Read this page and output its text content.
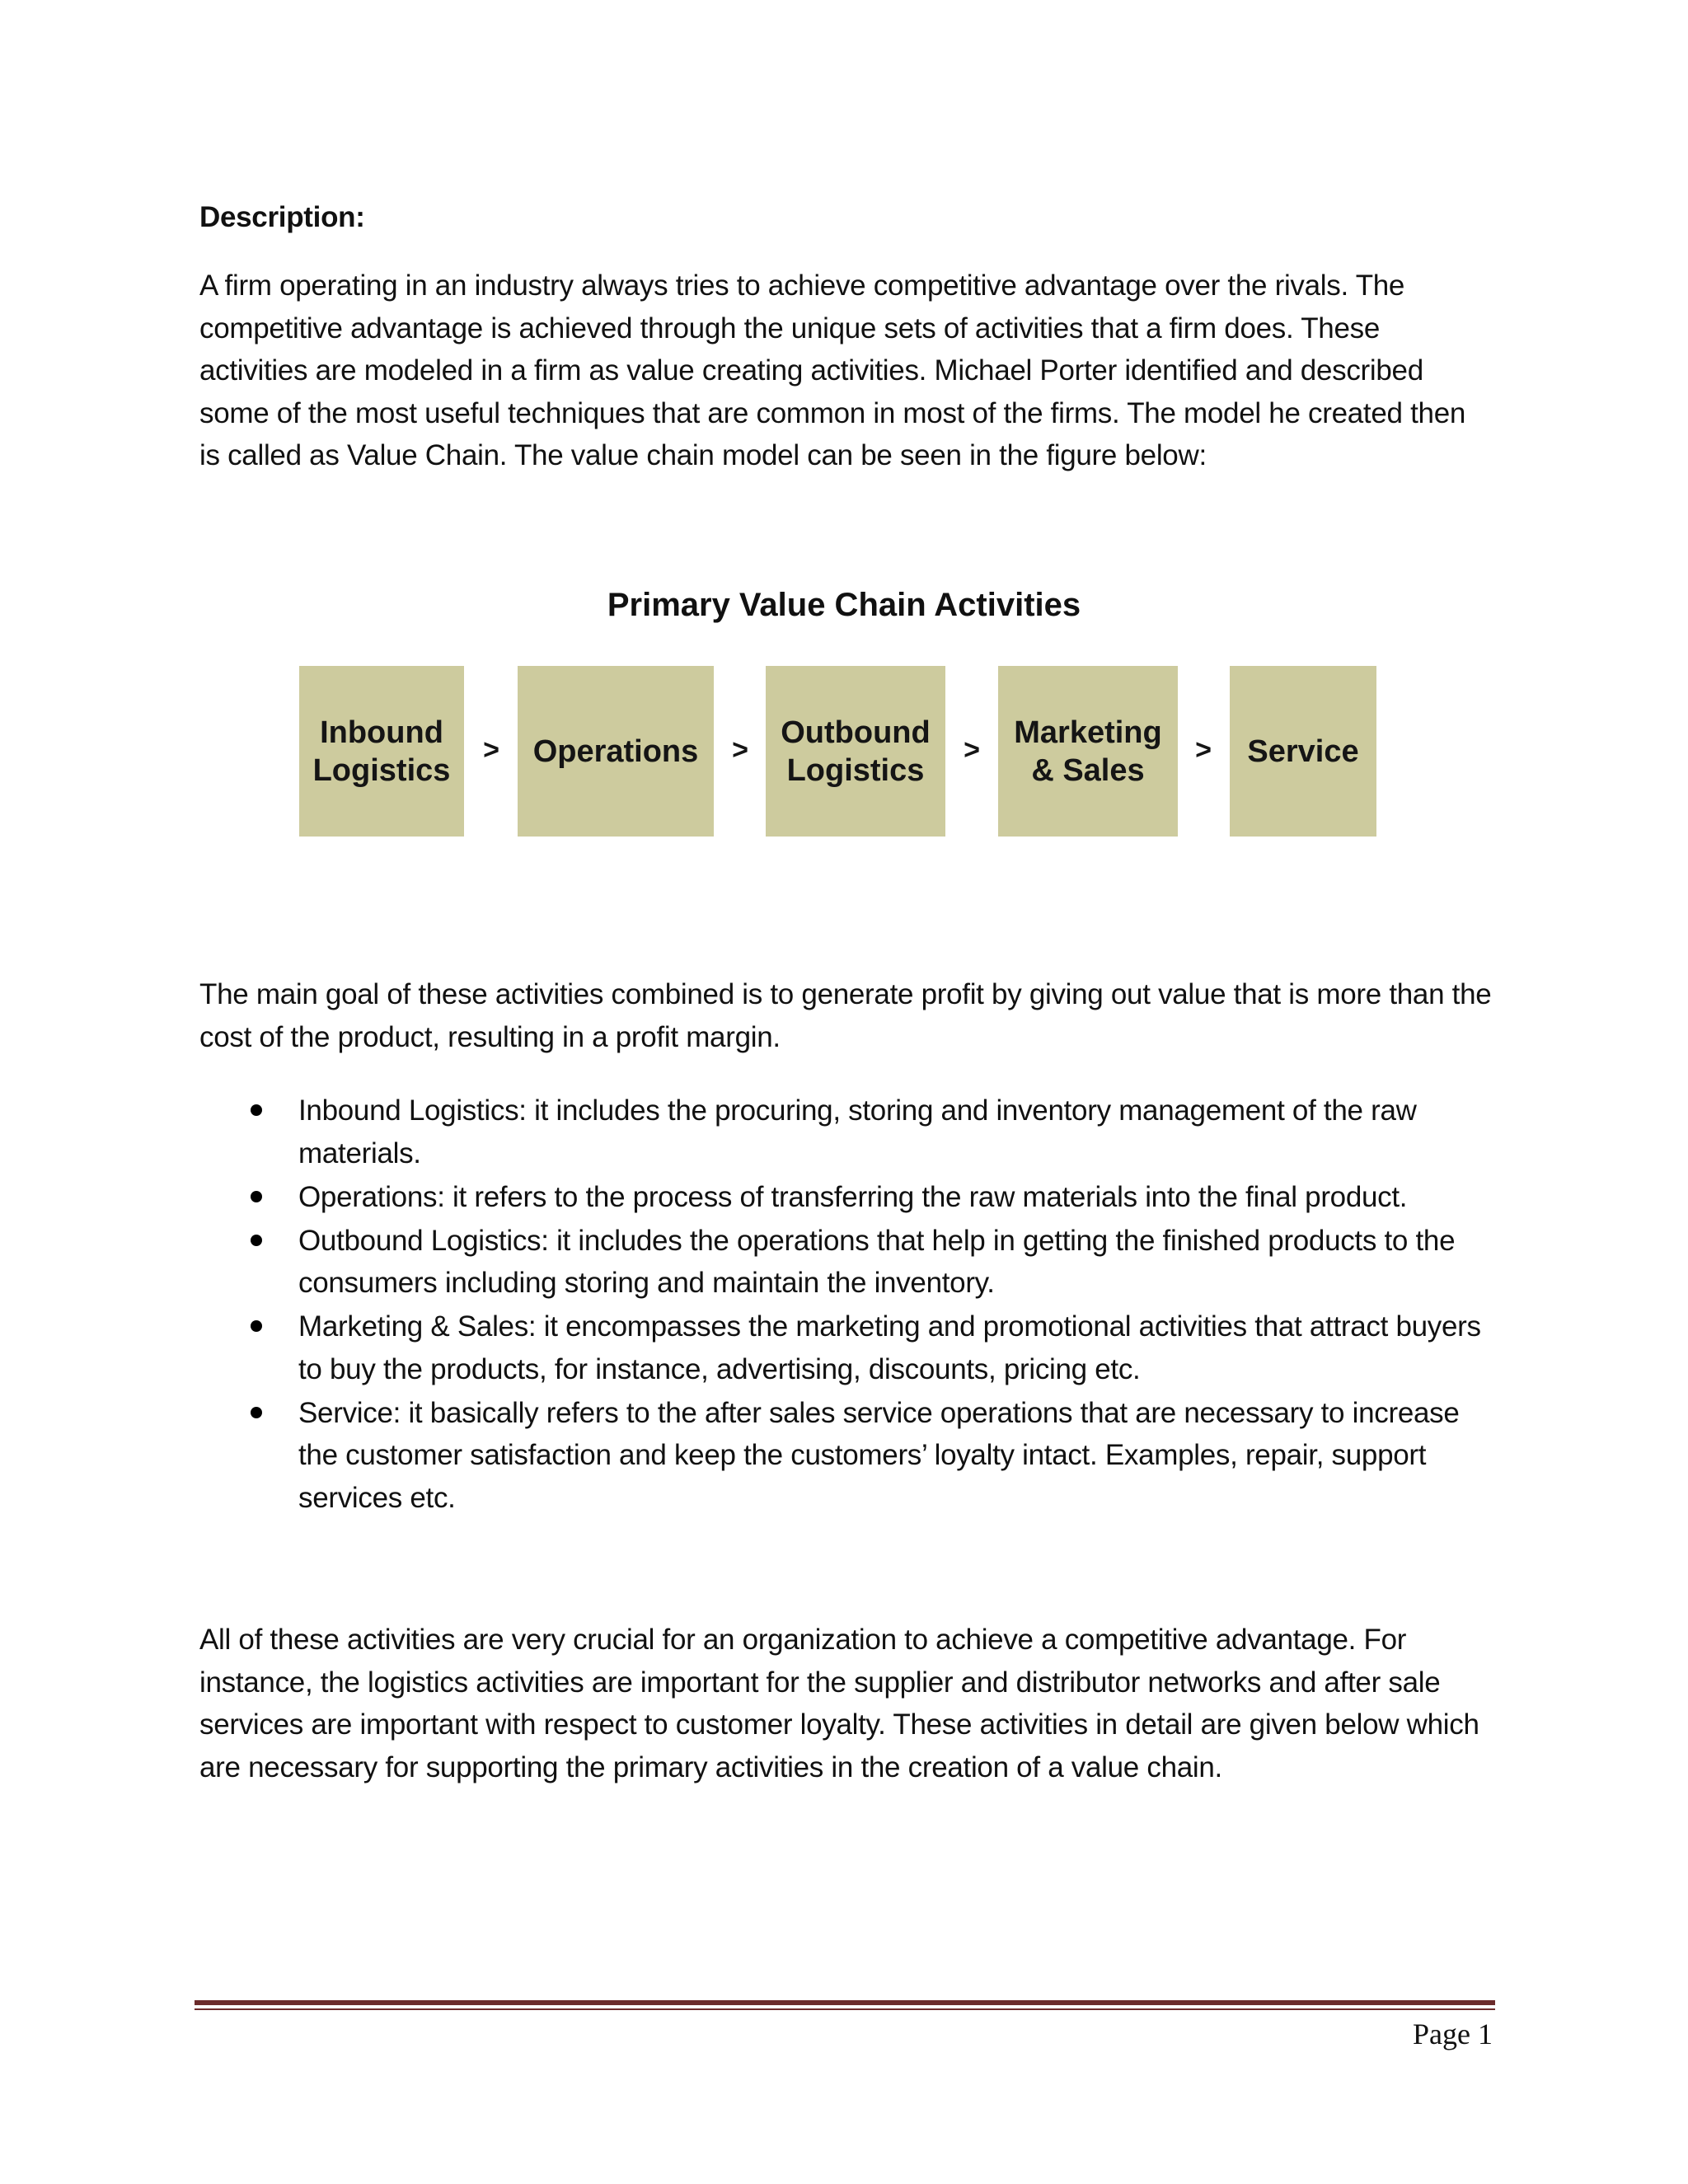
Description:

A firm operating in an industry always tries to achieve competitive advantage over the rivals. The competitive advantage is achieved through the unique sets of activities that a firm does. These activities are modeled in a firm as value creating activities. Michael Porter identified and described some of the most useful techniques that are common in most of the firms. The model he created then is called as Value Chain. The value chain model can be seen in the figure below:

Primary Value Chain Activities

Inbound
Logistics
> Operations >
Outbound
Logistics
>
Marketing
& Sales
> Service

The main goal of these activities combined is to generate profit by giving out value that is more than the cost of the product, resulting in a profit margin.

Inbound Logistics: it includes the procuring, storing and inventory management of the raw materials.
Operations: it refers to the process of transferring the raw materials into the final product.
Outbound Logistics: it includes the operations that help in getting the finished products to the consumers including storing and maintain the inventory.
Marketing & Sales: it encompasses the marketing and promotional activities that attract buyers to buy the products, for instance, advertising, discounts, pricing etc.
Service: it basically refers to the after sales service operations that are necessary to increase the customer satisfaction and keep the customers’ loyalty intact. Examples, repair, support services etc.

All of these activities are very crucial for an organization to achieve a competitive advantage. For instance, the logistics activities are important for the supplier and distributor networks and after sale services are important with respect to customer loyalty. These activities in detail are given below which are necessary for supporting the primary activities in the creation of a value chain.

Page 1
